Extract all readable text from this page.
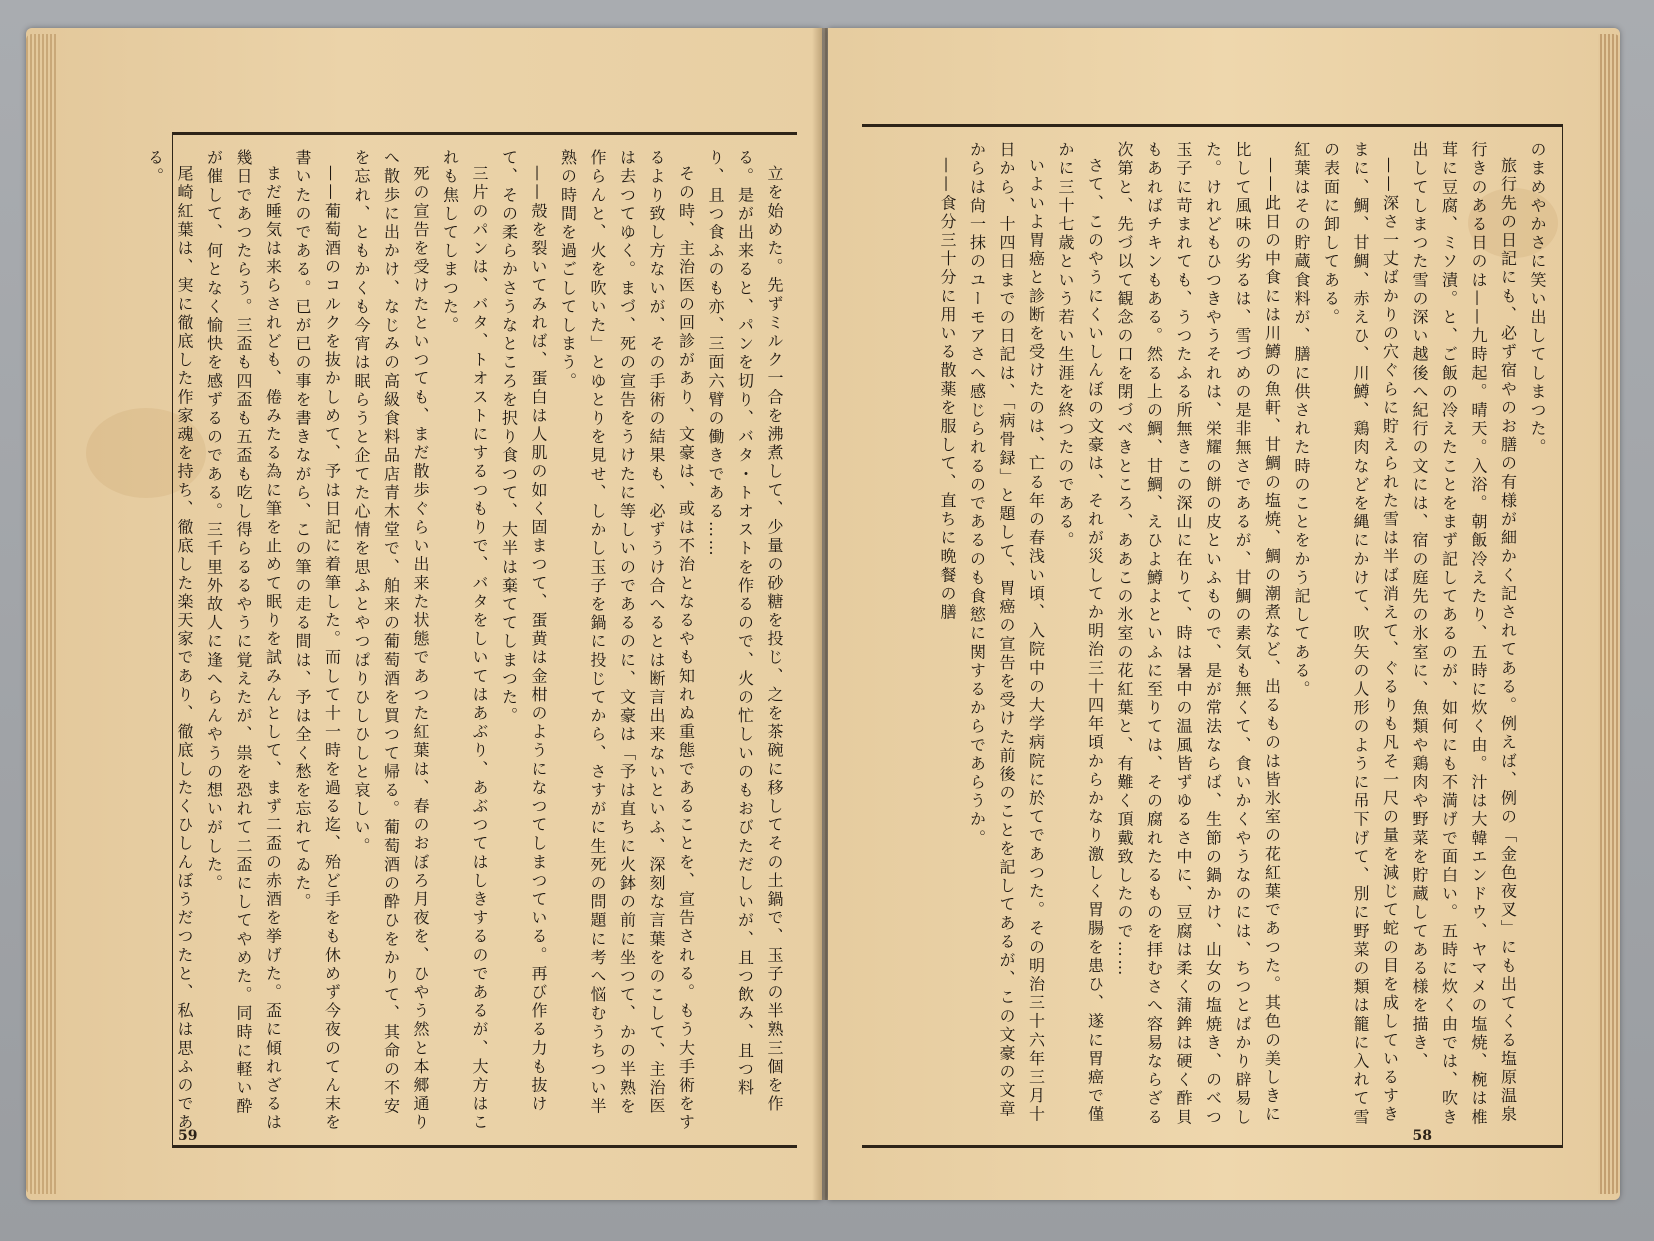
立を始めた。先ずミルク一合を沸煮して、少量の砂糖を投じ、之を茶碗に移してその土鍋で、玉子の半熟三個を作る。是が出来ると、パンを切り、バタ・トオストを作るので、火の忙しいのもおびただしいが、且つ飲み、且つ料り、且つ食ふのも亦、三面六臂の働きである……

その時、主治医の回診があり、文豪は、或は不治となるやも知れぬ重態であることを、宣告される。もう大手術をするより致し方ないが、その手術の結果も、必ずうけ合へるとは断言出来ないといふ、深刻な言葉をのこして、主治医は去つてゆく。まづ、死の宣告をうけたに等しいのであるのに、文豪は「予は直ちに火鉢の前に坐つて、かの半熟を作らんと、火を吹いた」とゆとりを見せ、しかし玉子を鍋に投じてから、さすがに生死の問題に考へ悩むうちつい半熟の時間を過ごしてしまう。

——殻を裂いてみれば、蛋白は人肌の如く固まつて、蛋黄は金柑のようになつてしまつている。再び作る力も抜けて、その柔らかさうなところを択り食つて、大半は棄ててしまつた。

三片のパンは、バタ、トオストにするつもりで、バタをしいてはあぶり、あぶつてはしきするのであるが、大方はこれも焦してしまつた。

死の宣告を受けたといつても、まだ散歩ぐらい出来た状態であつた紅葉は、春のおぼろ月夜を、ひやう然と本郷通りへ散歩に出かけ、なじみの高級食料品店青木堂で、舶来の葡萄酒を買つて帰る。葡萄酒の酔ひをかりて、其命の不安を忘れ、ともかくも今宵は眠らうと企てた心情を思ふとやつぱりひしひしと哀しい。

——葡萄酒のコルクを抜かしめて、予は日記に着筆した。而して十一時を過る迄、殆ど手をも休めず今夜のてん末を書いたのである。已が已の事を書きながら、この筆の走る間は、予は全く愁を忘れてゐた。

まだ睡気は来らされども、倦みたる為に筆を止めて眠りを試みんとして、まず二盃の赤酒を挙げた。盃に傾れざるは幾日であつたらう。三盃も四盃も五盃も吃し得らるるやうに覚えたが、祟を恐れて二盃にしてやめた。同時に軽い酔が催して、何となく愉快を感ずるのである。三千里外故人に逢へらんやうの想いがした。

尾崎紅葉は、実に徹底した作家魂を持ち、徹底した楽天家であり、徹底したくひしんぼうだつたと、私は思ふのである。

59

のまめやかさに笑い出してしまつた。

旅行先の日記にも、必ず宿やのお膳の有様が細かく記されてある。例えば、例の「金色夜叉」にも出てくる塩原温泉行きのある日のは——九時起。晴天。入浴。朝飯冷えたり、五時に炊く由。汁は大韓エンドウ、ヤマメの塩焼、椀は椎茸に豆腐、ミソ漬。と、ご飯の冷えたことをまず記してあるのが、如何にも不満げで面白い。五時に炊く由では、吹き出してしまつた雪の深い越後へ紀行の文には、宿の庭先の氷室に、魚類や鶏肉や野菜を貯蔵してある様を描き、

——深さ一丈ばかりの穴ぐらに貯えられた雪は半ば消えて、ぐるりも凡そ一尺の量を減じて蛇の目を成しているすきまに、鯛、甘鯛、赤えひ、川鱒、鶏肉などを縄にかけて、吹矢の人形のように吊下げて、別に野菜の類は籠に入れて雪の表面に卸してある。

紅葉はその貯蔵食料が、膳に供された時のことをかう記してある。

——此日の中食には川鱒の魚軒、甘鯛の塩焼、鯛の潮煮など、出るものは皆氷室の花紅葉であつた。其色の美しきに比して風味の劣るは、雪づめの是非無さであるが、甘鯛の素気も無くて、食いかくやうなのには、ちつとばかり辟易した。けれどもひつきやうそれは、栄耀の餅の皮といふもので、是が常法ならば、生節の鍋かけ、山女の塩焼き、のべつ玉子に苛まれても、うつたふる所無きこの深山に在りて、時は暑中の温風皆ずゆるさ中に、豆腐は柔く蒲鉾は硬く酢貝もあればチキンもある。然る上の鯛、甘鯛、えひよ鱒よといふに至りては、その腐れたるものを拝むさへ容易ならざる次第と、先づ以て観念の口を閉づべきところ、ああこの氷室の花紅葉と、有難く頂戴致したので……

さて、このやうにくいしんぼの文豪は、それが災してか明治三十四年頃からかなり激しく胃腸を患ひ、遂に胃癌で僅かに三十七歳という若い生涯を終つたのである。

いよいよ胃癌と診断を受けたのは、亡る年の春浅い頃、入院中の大学病院に於てであつた。その明治三十六年三月十日から、十四日までの日記は、「病骨録」と題して、胃癌の宣告を受けた前後のことを記してあるが、この文豪の文章からは尙一抹のユーモアさへ感じられるのであるのも食慾に関するからであらうか。

——食分三十分に用いる散薬を服して、直ちに晩餐の膳

58
